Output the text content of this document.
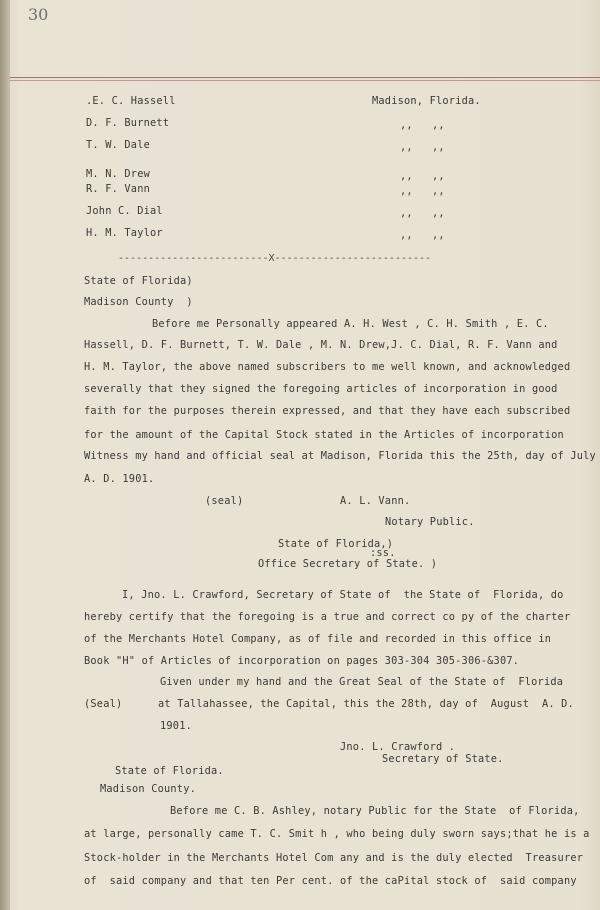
30
.E. C. Hassell	Madison, Florida.
D. F. Burnett	,,   ,,
T. W. Dale	,,   ,,
M. N. Drew	,,   ,,
R. F. Vann	,,   ,,
John C. Dial	,,   ,,
H. M. Taylor	,,   ,,
-------------------------X--------------------------
State of Florida)
Madison County  )
Before me Personally appeared A. H. West , C. H. Smith , E. C.
Hassell, D. F. Burnett, T. W. Dale , M. N. Drew,J. C. Dial, R. F. Vann and
H. M. Taylor, the above named subscribers to me well known, and acknowledged
severally that they signed the foregoing articles of incorporation in good
faith for the purposes therein expressed, and that they have each subscribed
for the amount of the Capital Stock stated in the Articles of incorporation
Witness my hand and official seal at Madison, Florida this the 25th, day of July
A. D. 1901.
(seal)	A. L. Vann.
Notary Public.
State of Florida,)
:ss.
Office Secretary of State. )
I, Jno. L. Crawford, Secretary of State of  the State of  Florida, do
hereby certify that the foregoing is a true and correct co py of the charter
of the Merchants Hotel Company, as of file and recorded in this office in
Book "H" of Articles of incorporation on pages 303-304 305-306-&307.
Given under my hand and the Great Seal of the State of  Florida
(Seal)	at Tallahassee, the Capital, this the 28th, day of  August  A. D.
1901.
Jno. L. Crawford .
Secretary of State.
State of Florida.
Madison County.
Before me C. B. Ashley, notary Public for the State  of Florida,
at large, personally came T. C. Smit h , who being duly sworn says;that he is a
Stock-holder in the Merchants Hotel Com any and is the duly elected  Treasurer
of  said company and that ten Per cent. of the caPital stock of  said company
